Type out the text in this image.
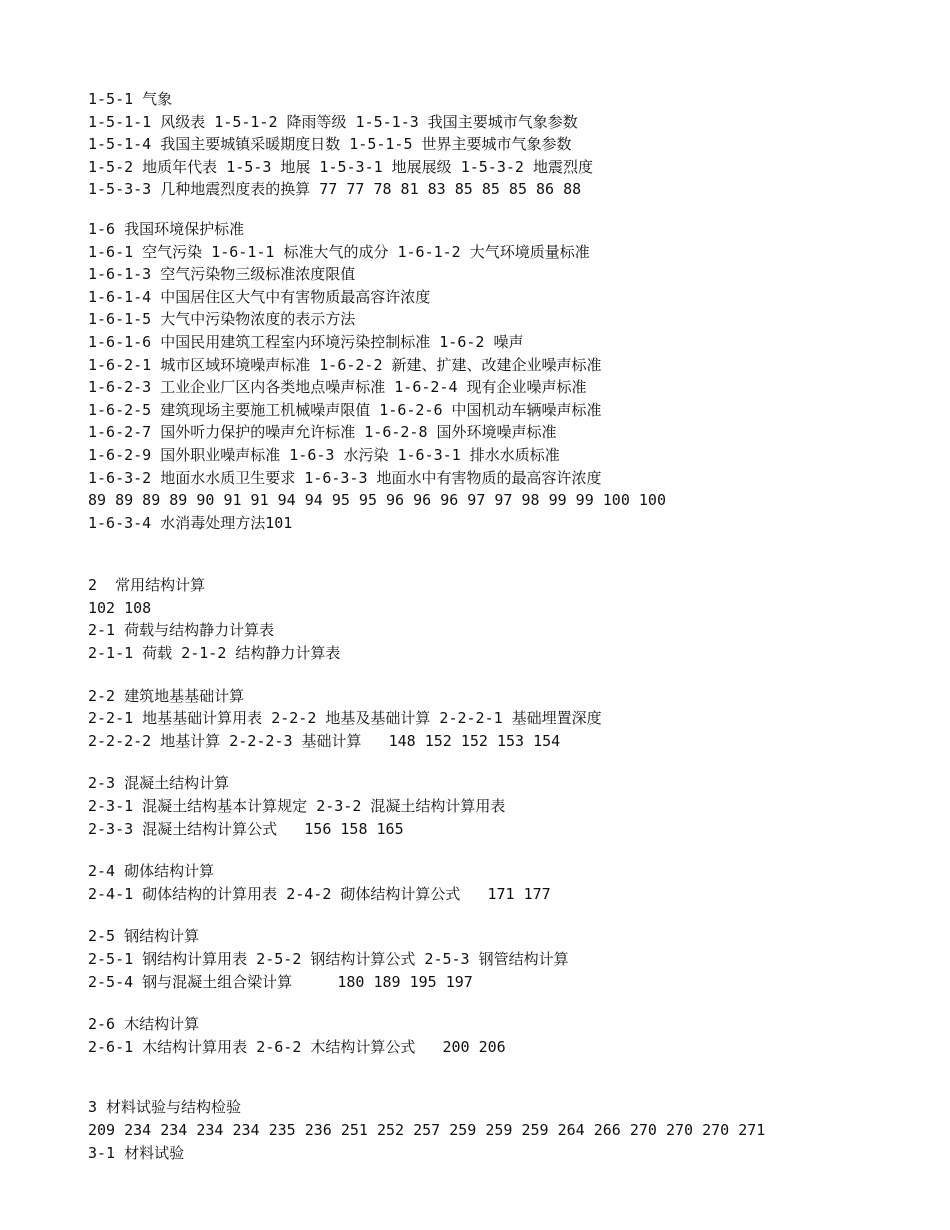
1-5-1 气象
1-5-1-1 风级表 1-5-1-2 降雨等级 1-5-1-3 我国主要城市气象参数
1-5-1-4 我国主要城镇采暖期度日数 1-5-1-5 世界主要城市气象参数
1-5-2 地质年代表 1-5-3 地展 1-5-3-1 地展展级 1-5-3-2 地震烈度
1-5-3-3 几种地震烈度表的换算 77 77 78 81 83 85 85 85 86 88
1-6 我国环境保护标准
1-6-1 空气污染 1-6-1-1 标准大气的成分 1-6-1-2 大气环境质量标准
1-6-1-3 空气污染物三级标准浓度限值
1-6-1-4 中国居住区大气中有害物质最高容许浓度
1-6-1-5 大气中污染物浓度的表示方法
1-6-1-6 中国民用建筑工程室内环境污染控制标准 1-6-2 噪声
1-6-2-1 城市区域环境噪声标准 1-6-2-2 新建、扩建、改建企业噪声标准
1-6-2-3 工业企业厂区内各类地点噪声标准 1-6-2-4 现有企业噪声标准
1-6-2-5 建筑现场主要施工机械噪声限值 1-6-2-6 中国机动车辆噪声标准
1-6-2-7 国外听力保护的噪声允许标准 1-6-2-8 国外环境噪声标准
1-6-2-9 国外职业噪声标准 1-6-3 水污染 1-6-3-1 排水水质标准
1-6-3-2 地面水水质卫生要求 1-6-3-3 地面水中有害物质的最高容许浓度
89 89 89 89 90 91 91 94 94 95 95 96 96 96 97 97 98 99 99 100 100
1-6-3-4 水消毒处理方法101
2  常用结构计算
102 108
2-1 荷载与结构静力计算表
2-1-1 荷载 2-1-2 结构静力计算表
2-2 建筑地基基础计算
2-2-1 地基基础计算用表 2-2-2 地基及基础计算 2-2-2-1 基础埋置深度
2-2-2-2 地基计算 2-2-2-3 基础计算   148 152 152 153 154
2-3 混凝土结构计算
2-3-1 混凝土结构基本计算规定 2-3-2 混凝土结构计算用表
2-3-3 混凝土结构计算公式   156 158 165
2-4 砌体结构计算
2-4-1 砌体结构的计算用表 2-4-2 砌体结构计算公式   171 177
2-5 钢结构计算
2-5-1 钢结构计算用表 2-5-2 钢结构计算公式 2-5-3 钢管结构计算
2-5-4 钢与混凝土组合梁计算     180 189 195 197
2-6 木结构计算
2-6-1 木结构计算用表 2-6-2 木结构计算公式   200 206
3 材料试验与结构检验
209 234 234 234 234 235 236 251 252 257 259 259 259 264 266 270 270 270 271
3-1 材料试验
